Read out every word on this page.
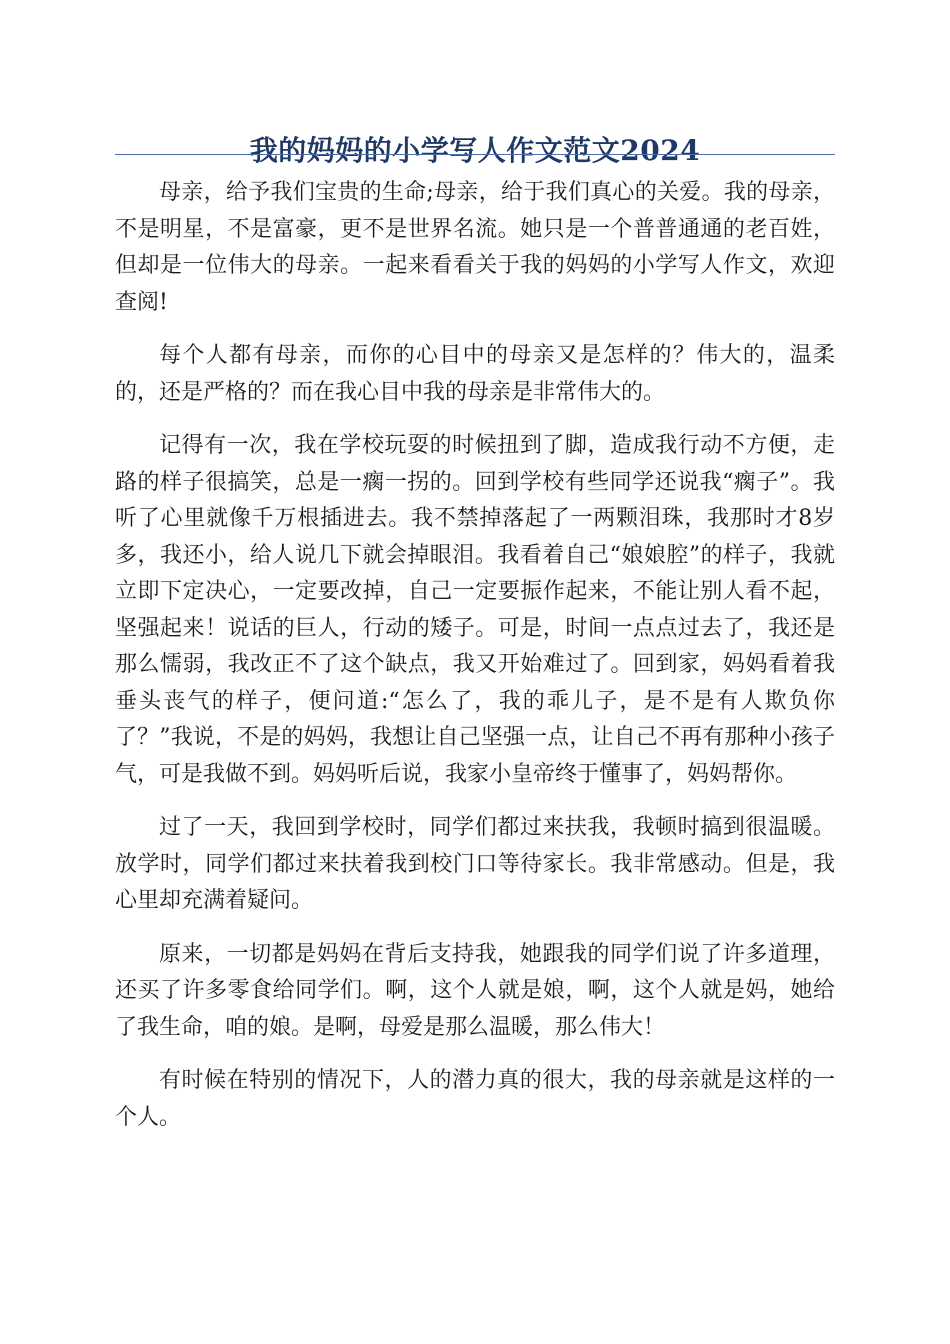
我的妈妈的小学写人作文范文2024

母亲，给予我们宝贵的生命;母亲，给于我们真心的关爱。我的母亲，不是明星，不是富豪，更不是世界名流。她只是一个普普通通的老百姓，但却是一位伟大的母亲。一起来看看关于我的妈妈的小学写人作文，欢迎查阅!

每个人都有母亲，而你的心目中的母亲又是怎样的？伟大的，温柔的，还是严格的？而在我心目中我的母亲是非常伟大的。

记得有一次，我在学校玩耍的时候扭到了脚，造成我行动不方便，走路的样子很搞笑，总是一瘸一拐的。回到学校有些同学还说我“瘸子”。我听了心里就像千万根插进去。我不禁掉落起了一两颗泪珠，我那时才8岁多，我还小，给人说几下就会掉眼泪。我看着自己“娘娘腔”的样子，我就立即下定决心，一定要改掉，自己一定要振作起来，不能让别人看不起，坚强起来！说话的巨人，行动的矮子。可是，时间一点点过去了，我还是那么懦弱，我改正不了这个缺点，我又开始难过了。回到家，妈妈看着我垂头丧气的样子，便问道:“怎么了，我的乖儿子，是不是有人欺负你了？”我说，不是的妈妈，我想让自己坚强一点，让自己不再有那种小孩子气，可是我做不到。妈妈听后说，我家小皇帝终于懂事了，妈妈帮你。

过了一天，我回到学校时，同学们都过来扶我，我顿时搞到很温暖。放学时，同学们都过来扶着我到校门口等待家长。我非常感动。但是，我心里却充满着疑问。

原来，一切都是妈妈在背后支持我，她跟我的同学们说了许多道理，还买了许多零食给同学们。啊，这个人就是娘，啊，这个人就是妈，她给了我生命，咱的娘。是啊，母爱是那么温暖，那么伟大！

有时候在特别的情况下，人的潜力真的很大，我的母亲就是这样的一个人。
